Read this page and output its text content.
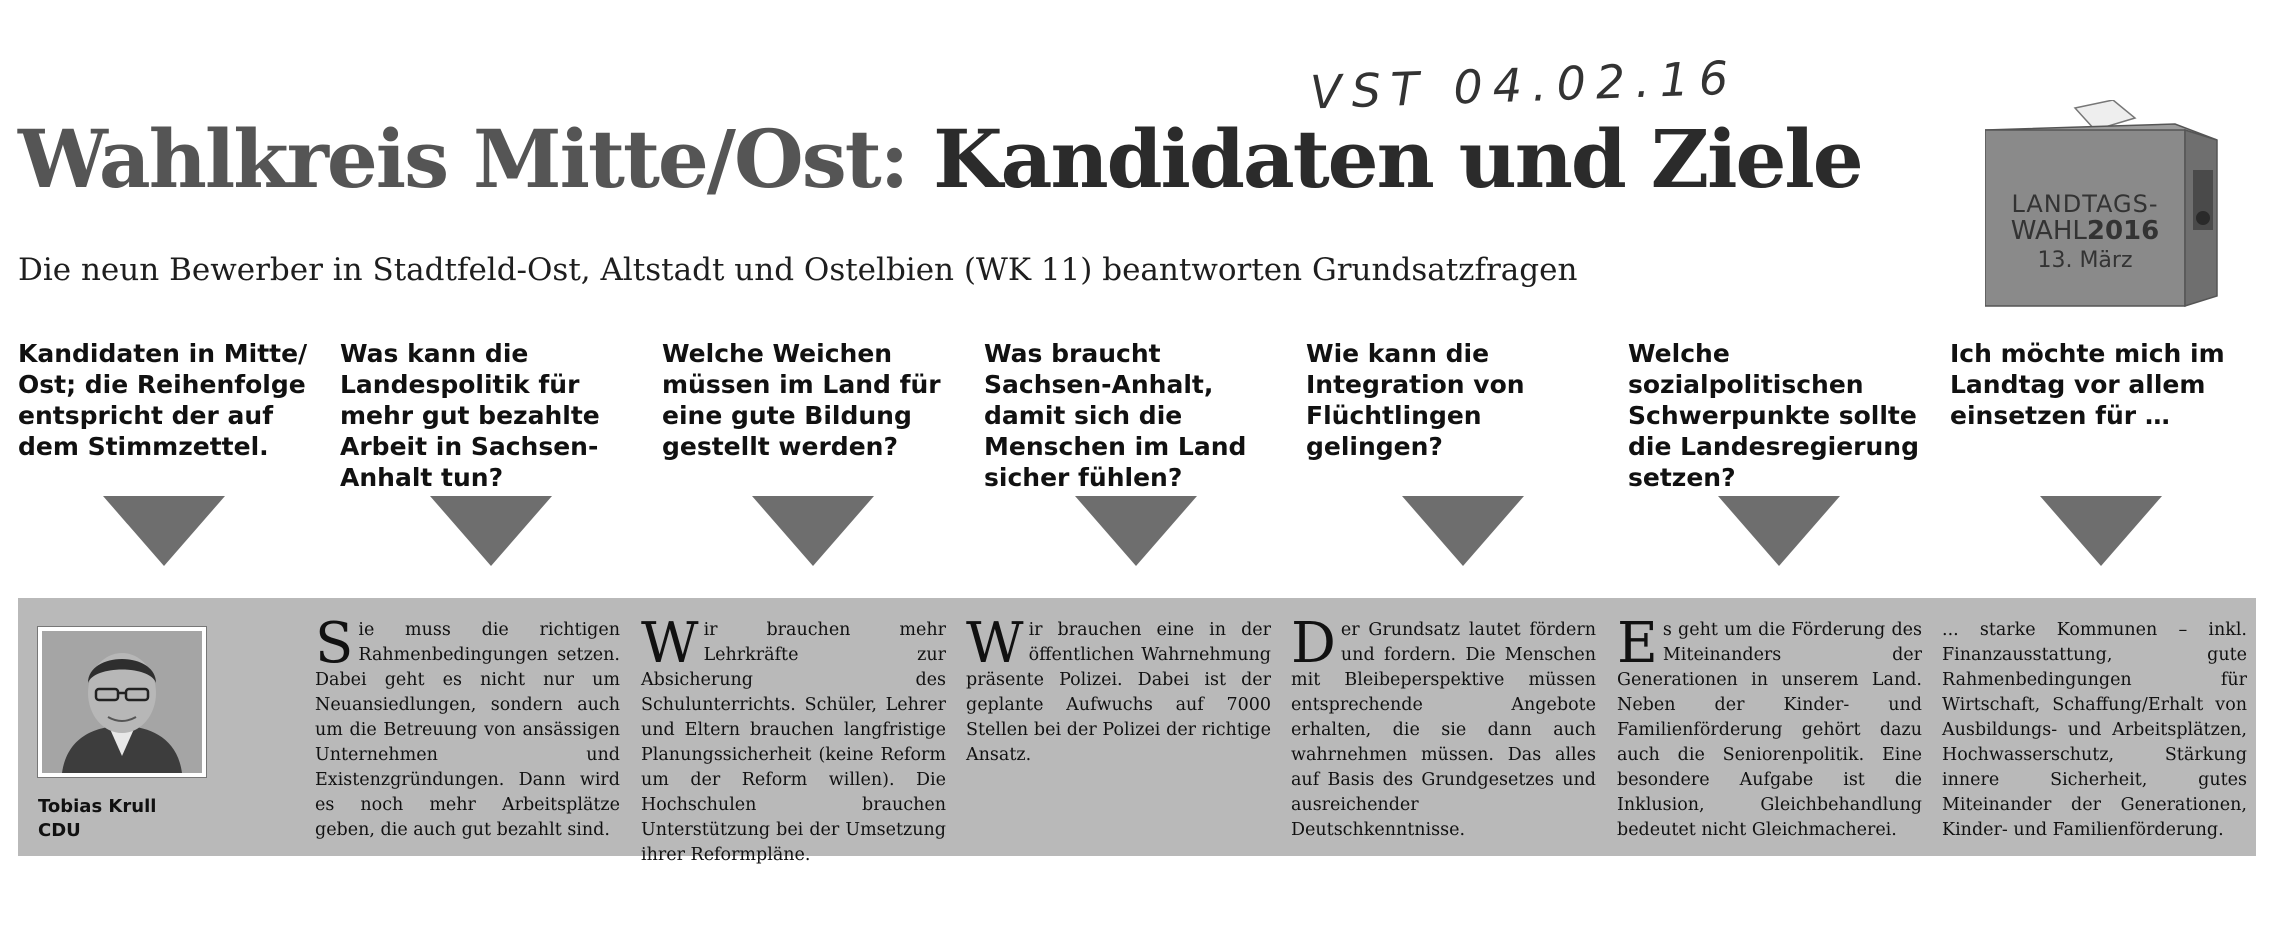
VST 04.02.16
Wahlkreis Mitte/Ost: Kandidaten und Ziele

Die neun Bewerber in Stadtfeld-Ost, Altstadt und Ostelbien (WK 11) beantworten Grundsatzfragen

LANDTAGS-
WAHL2016
13. März

Kandidaten in Mitte/ Ost; die Reihenfolge entspricht der auf dem Stimmzettel.

Was kann die Landespolitik für mehr gut bezahlte Arbeit in Sachsen-Anhalt tun?

Welche Weichen müssen im Land für eine gute Bildung gestellt werden?

Was braucht Sachsen-Anhalt, damit sich die Menschen im Land sicher fühlen?

Wie kann die Integration von Flüchtlingen gelingen?

Welche sozialpolitischen Schwerpunkte sollte die Landesregierung setzen?

Ich möchte mich im Landtag vor allem einsetzen für …

Tobias Krull

CDU

Sie muss die richtigen Rahmenbedingungen setzen. Dabei geht es nicht nur um Neuansiedlungen, sondern auch um die Betreuung von ansässigen Unternehmen und Existenzgründungen. Dann wird es noch mehr Arbeitsplätze geben, die auch gut bezahlt sind.

Wir brauchen mehr Lehrkräfte zur Absicherung des Schulunterrichts. Schüler, Lehrer und Eltern brauchen langfristige Planungssicherheit (keine Reform um der Reform willen). Die Hochschulen brauchen Unterstützung bei der Umsetzung ihrer Reformpläne.

Wir brauchen eine in der öffentlichen Wahrnehmung präsente Polizei. Dabei ist der geplante Aufwuchs auf 7000 Stellen bei der Polizei der richtige Ansatz.

Der Grundsatz lautet fördern und fordern. Die Menschen mit Bleibeperspektive müssen entsprechende Angebote erhalten, die sie dann auch wahrnehmen müssen. Das alles auf Basis des Grundgesetzes und ausreichender Deutschkenntnisse.

Es geht um die Förderung des Miteinanders der Generationen in unserem Land. Neben der Kinder- und Familienförderung gehört dazu auch die Seniorenpolitik. Eine besondere Aufgabe ist die Inklusion, Gleichbehandlung bedeutet nicht Gleichmacherei.

... starke Kommunen – inkl. Finanzausstattung, gute Rahmenbedingungen für Wirtschaft, Schaffung/Erhalt von Ausbildungs- und Arbeitsplätzen, Hochwasserschutz, Stärkung innere Sicherheit, gutes Miteinander der Generationen, Kinder- und Familienförderung.
